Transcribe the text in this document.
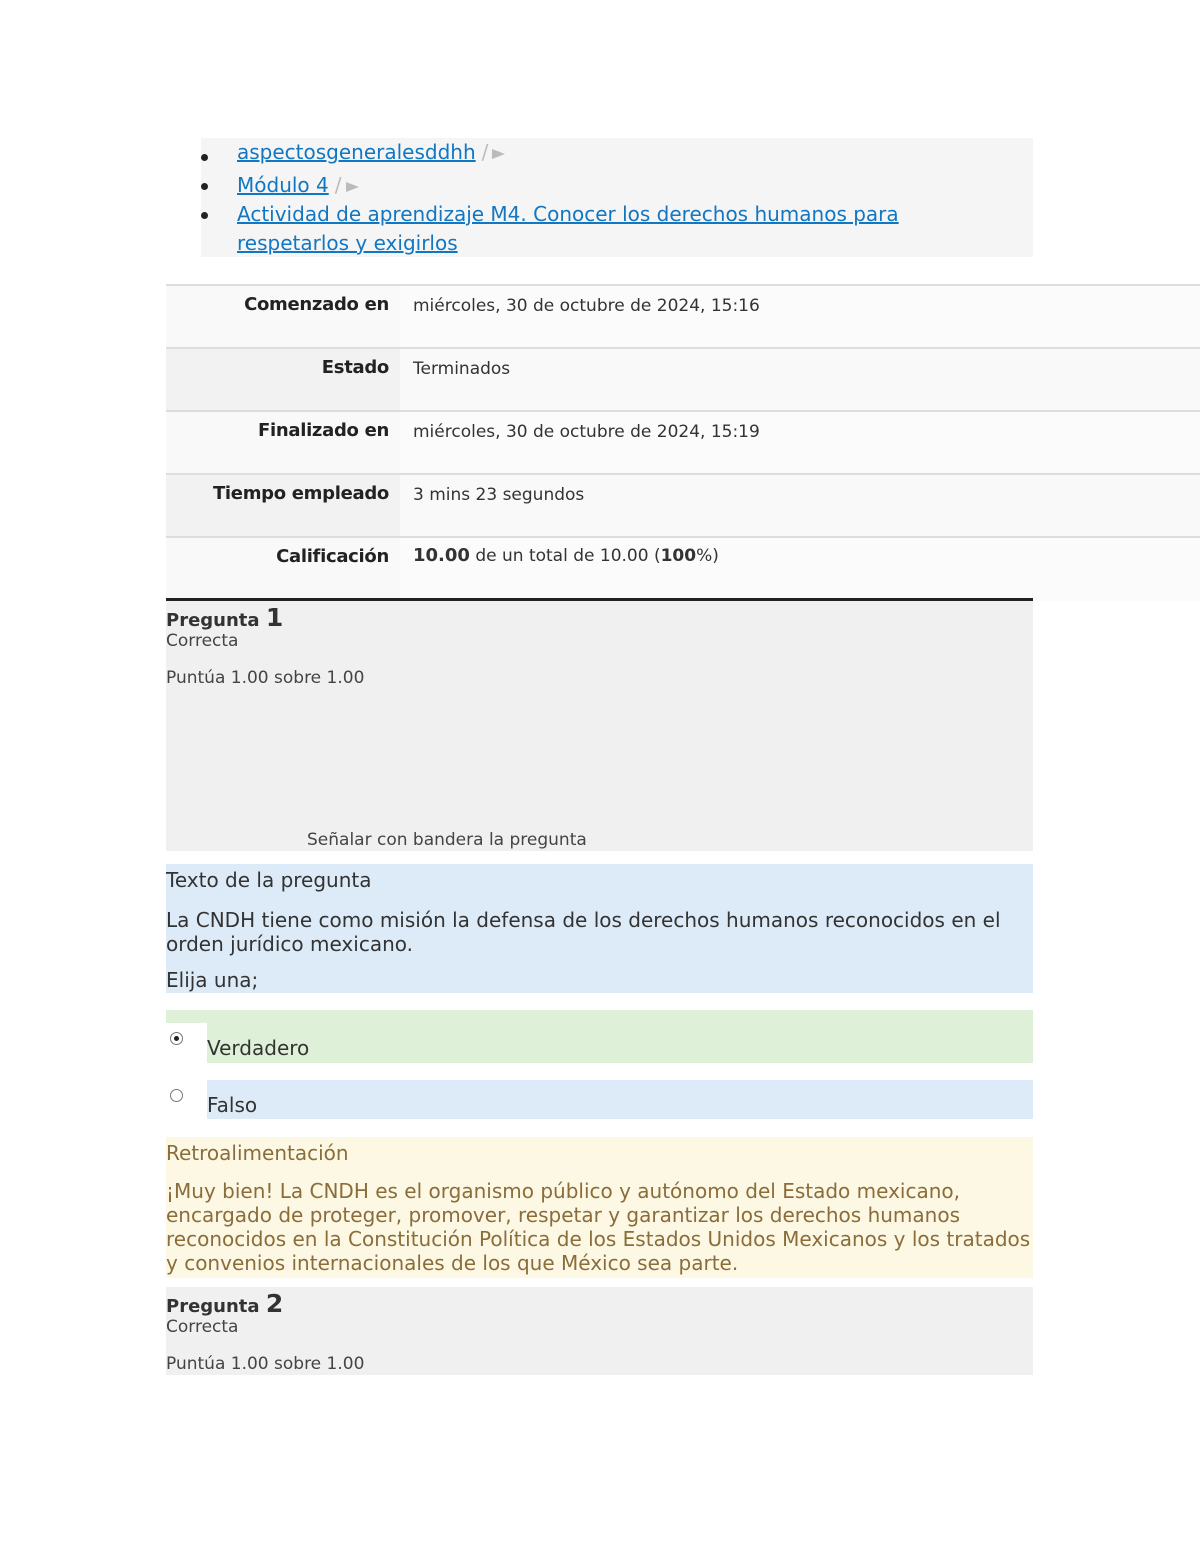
aspectosgeneralesddhh /
Módulo 4 /
Actividad de aprendizaje M4. Conocer los derechos humanos para
respetarlos y exigirlos
Comenzado en miércoles, 30 de octubre de 2024, 15:16
Estado Terminados
Finalizado en miércoles, 30 de octubre de 2024, 15:19
Tiempo empleado 3 mins 23 segundos
Calificación 10.00 de un total de 10.00 (100%)
Pregunta 1
Correcta
Puntúa 1.00 sobre 1.00
Señalar con bandera la pregunta
Texto de la pregunta
La CNDH tiene como misión la defensa de los derechos humanos reconocidos en el orden jurídico mexicano.
Elija una;
Verdadero
Falso
Retroalimentación
¡Muy bien! La CNDH es el organismo público y autónomo del Estado mexicano, encargado de proteger, promover, respetar y garantizar los derechos humanos reconocidos en la Constitución Política de los Estados Unidos Mexicanos y los tratados y convenios internacionales de los que México sea parte.
Pregunta 2
Correcta
Puntúa 1.00 sobre 1.00
